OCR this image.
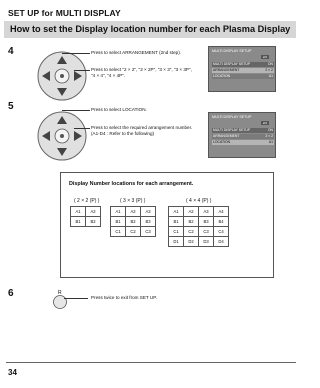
SET UP for MULTI DISPLAY
How to set the Display location number for each Plasma Display
4	Press to select ARRANGEMENT (2nd step).
Press to select "2 × 2", "2 × 2P", "3 × 3", "3 × 3P",
"4 × 4", "4 × 4P".
MULTI DISPLAY SETUP
2/2
MULTI DISPLAY SETUP	ON
ARRANGEMENT	2 × 2
LOCATION	A1
5	Press to select LOCATION.
Press to select the required arrangement number.
(A1-D4 : Refer to the following)
MULTI DISPLAY SETUP
2/2
MULTI DISPLAY SETUP	ON
ARRANGEMENT	2 × 2
LOCATION	A1
Display Number locations for each arrangement.
( 2 × 2 (P) )
A1	A2
B1	B2
( 3 × 3 (P) )
A1	A2	A3
B1	B2	B3
C1	C2	C3
( 4 × 4 (P) )
A1	A2	A3	A4
B1	B2	B3	B4
C1	C2	C3	C4
D1	D2	D3	D4
6	R
Press twice to exit from SET UP.
34
